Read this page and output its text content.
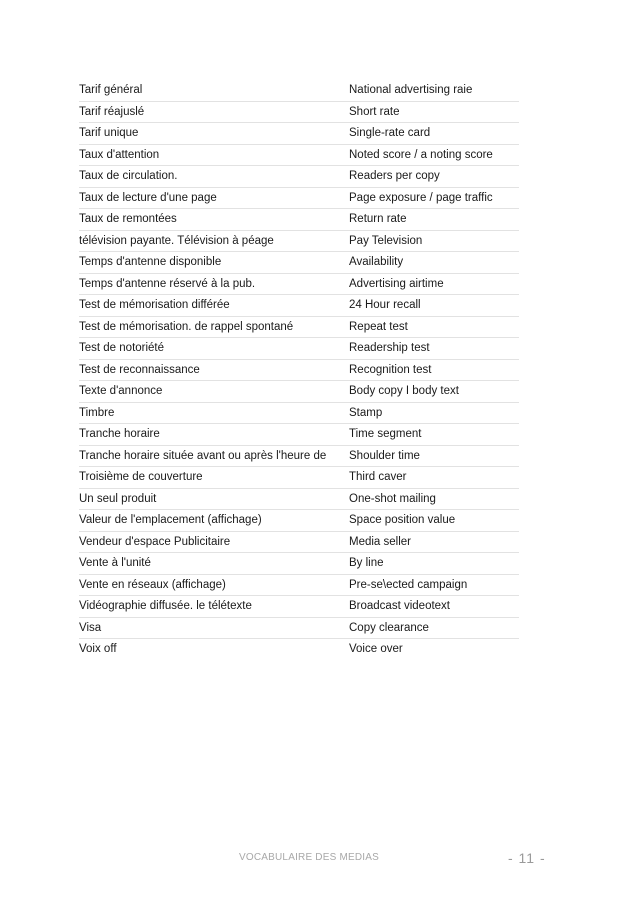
Tarif général	National advertising raie
Tarif réajuslé	Short rate
Tarif unique	Single-rate card
Taux d'attention	Noted score / a noting score
Taux de circulation.	Readers per copy
Taux de lecture d'une page	Page exposure / page traffic
Taux de remontées	Return rate
télévision payante. Télévision à péage	Pay Television
Temps d'antenne disponible	Availability
Temps d'antenne réservé à la pub.	Advertising airtime
Test de mémorisation différée	24 Hour recall
Test de mémorisation. de rappel spontané	Repeat test
Test de notoriété	Readership test
Test de reconnaissance	Recognition test
Texte d'annonce	Body copy I body text
Timbre	Stamp
Tranche horaire	Time segment
Tranche horaire située avant ou après l'heure de	Shoulder time
Troisième de couverture	Third caver
Un seul produit	One-shot mailing
Valeur de l'emplacement (affichage)	Space position value
Vendeur d'espace Publicitaire	Media seller
Vente à l'unité	By line
Vente en réseaux (affichage)	Pre-se\ected campaign
Vidéographie diffusée. le télétexte	Broadcast videotext
Visa	Copy clearance
Voix off	Voice over
VOCABULAIRE DES MEDIAS	- 11 -
